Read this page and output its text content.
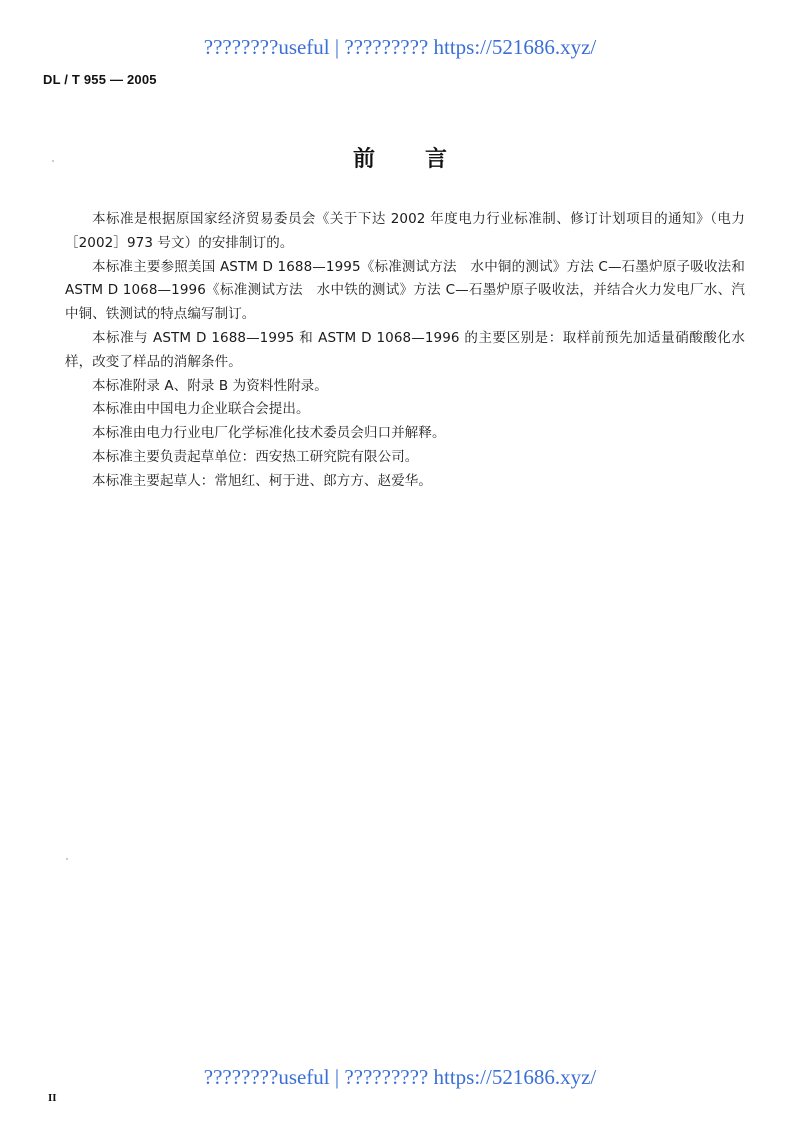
????????useful | ????????? https://521686.xyz/
DL / T 955 — 2005
前 言

本标准是根据原国家经济贸易委员会《关于下达 2002 年度电力行业标准制、修订计划项目的通知》（电力［2002］973 号文）的安排制订的。

本标准主要参照美国 ASTM D 1688—1995《标准测试方法　水中铜的测试》方法 C—石墨炉原子吸收法和 ASTM D 1068—1996《标准测试方法　水中铁的测试》方法 C—石墨炉原子吸收法，并结合火力发电厂水、汽中铜、铁测试的特点编写制订。

本标准与 ASTM D 1688—1995 和 ASTM D 1068—1996 的主要区别是：取样前预先加适量硝酸酸化水样，改变了样品的消解条件。

本标准附录 A、附录 B 为资料性附录。

本标准由中国电力企业联合会提出。

本标准由电力行业电厂化学标准化技术委员会归口并解释。

本标准主要负责起草单位：西安热工研究院有限公司。

本标准主要起草人：常旭红、柯于进、郎方方、赵爱华。

????????useful | ????????? https://521686.xyz/
II
